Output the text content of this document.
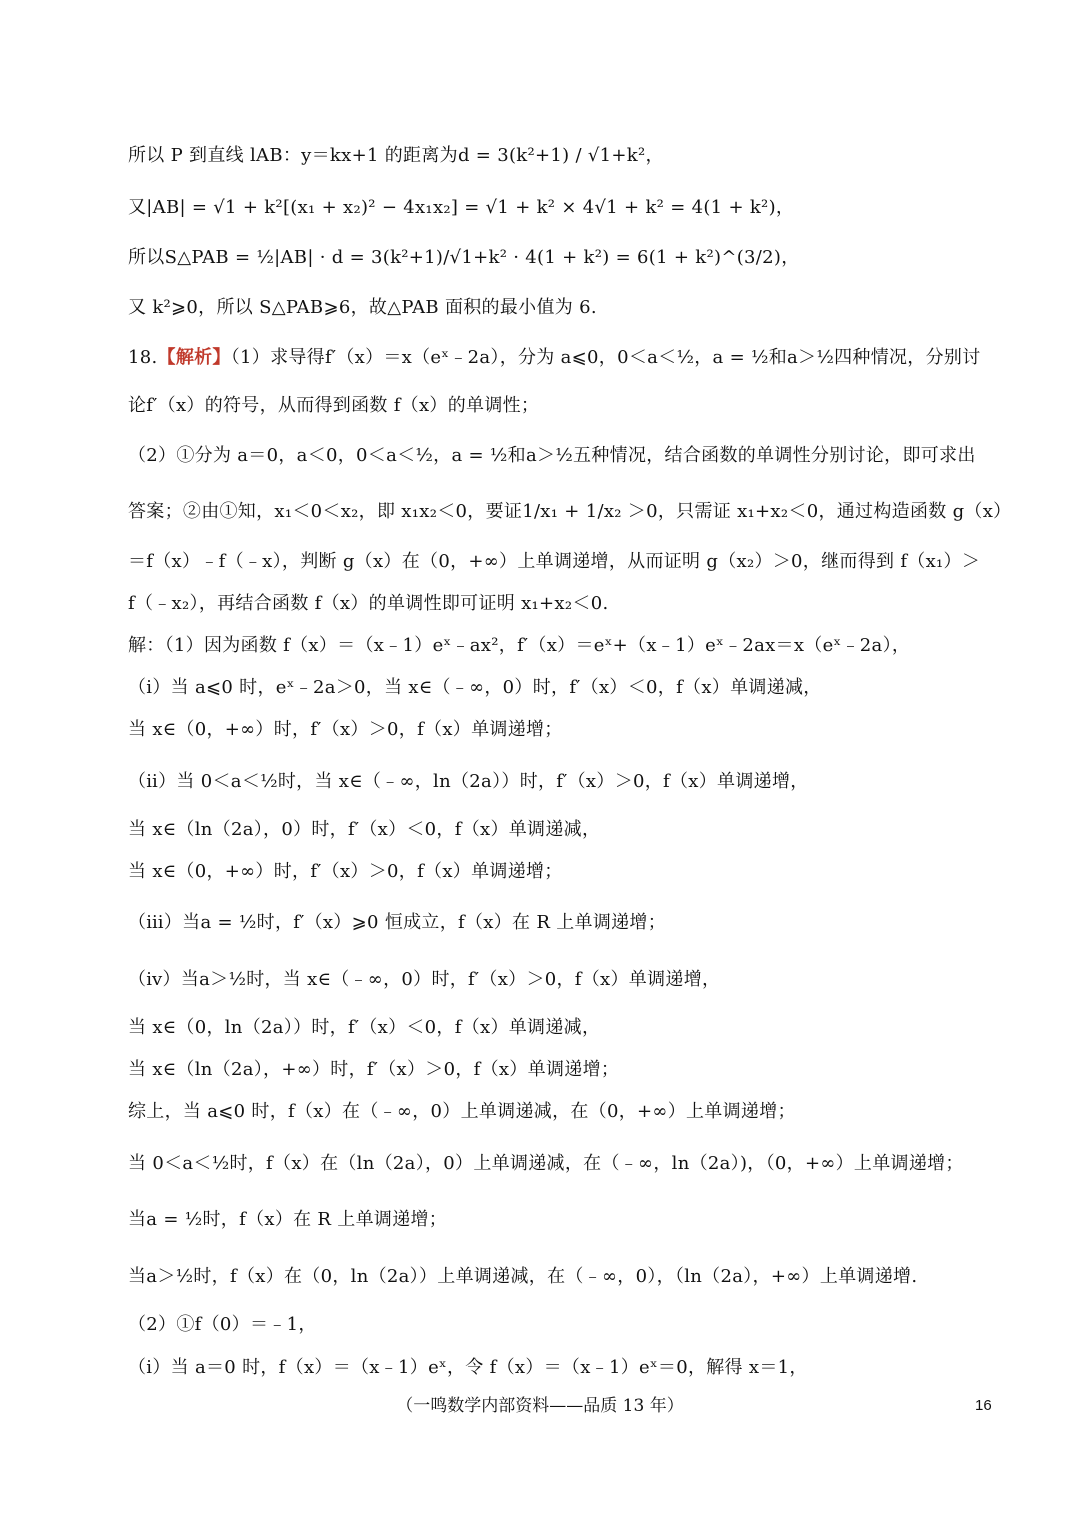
所以 P 到直线 lAB：y＝kx+1 的距离为d = 3(k²+1) / √1+k²，
又|AB| = √1 + k²[(x₁ + x₂)² − 4x₁x₂] = √1 + k² × 4√1 + k² = 4(1 + k²)，
所以S△PAB = ½|AB| · d = 3(k²+1)/√1+k² · 4(1 + k²) = 6(1 + k²)^(3/2)，
又 k²⩾0，所以 S△PAB⩾6，故△PAB 面积的最小值为 6.
18.【解析】（1）求导得f′（x）＝x（eˣ﹣2a），分为 a⩽0，0＜a＜½，a = ½和a＞½四种情况，分别讨
论f′（x）的符号，从而得到函数 f（x）的单调性；
（2）①分为 a＝0，a＜0，0＜a＜½，a = ½和a＞½五种情况，结合函数的单调性分别讨论，即可求出
答案；②由①知，x₁＜0＜x₂，即 x₁x₂＜0，要证1/x₁ + 1/x₂ ＞0，只需证 x₁+x₂＜0，通过构造函数 g（x）
＝f（x）﹣f（﹣x），判断 g（x）在（0，+∞）上单调递增，从而证明 g（x₂）＞0，继而得到 f（x₁）＞
f（﹣x₂），再结合函数 f（x）的单调性即可证明 x₁+x₂＜0.
解：（1）因为函数 f（x）＝（x﹣1）eˣ﹣ax²，f′（x）＝eˣ+（x﹣1）eˣ﹣2ax＝x（eˣ﹣2a），
（ⅰ）当 a⩽0 时，eˣ﹣2a＞0，当 x∈（﹣∞，0）时，f′（x）＜0，f（x）单调递减，
当 x∈（0，+∞）时，f′（x）＞0，f（x）单调递增；
（ⅱ）当 0＜a＜½时，当 x∈（﹣∞，ln（2a））时，f′（x）＞0，f（x）单调递增，
当 x∈（ln（2a），0）时，f′（x）＜0，f（x）单调递减，
当 x∈（0，+∞）时，f′（x）＞0，f（x）单调递增；
（ⅲ）当a = ½时，f′（x）⩾0 恒成立，f（x）在 R 上单调递增；
（ⅳ）当a＞½时，当 x∈（﹣∞，0）时，f′（x）＞0，f（x）单调递增，
当 x∈（0，ln（2a））时，f′（x）＜0，f（x）单调递减，
当 x∈（ln（2a），+∞）时，f′（x）＞0，f（x）单调递增；
综上，当 a⩽0 时，f（x）在（﹣∞，0）上单调递减，在（0，+∞）上单调递增；
当 0＜a＜½时，f（x）在（ln（2a），0）上单调递减，在（﹣∞，ln（2a）)，（0，+∞）上单调递增；
当a = ½时，f（x）在 R 上单调递增；
当a＞½时，f（x）在（0，ln（2a））上单调递减，在（﹣∞，0），（ln（2a），+∞）上单调递增.
（2）①f（0）＝﹣1，
（ⅰ）当 a＝0 时，f（x）＝（x﹣1）eˣ，令 f（x）＝（x﹣1）eˣ＝0，解得 x＝1，
（一鸣数学内部资料——品质 13 年）	16
